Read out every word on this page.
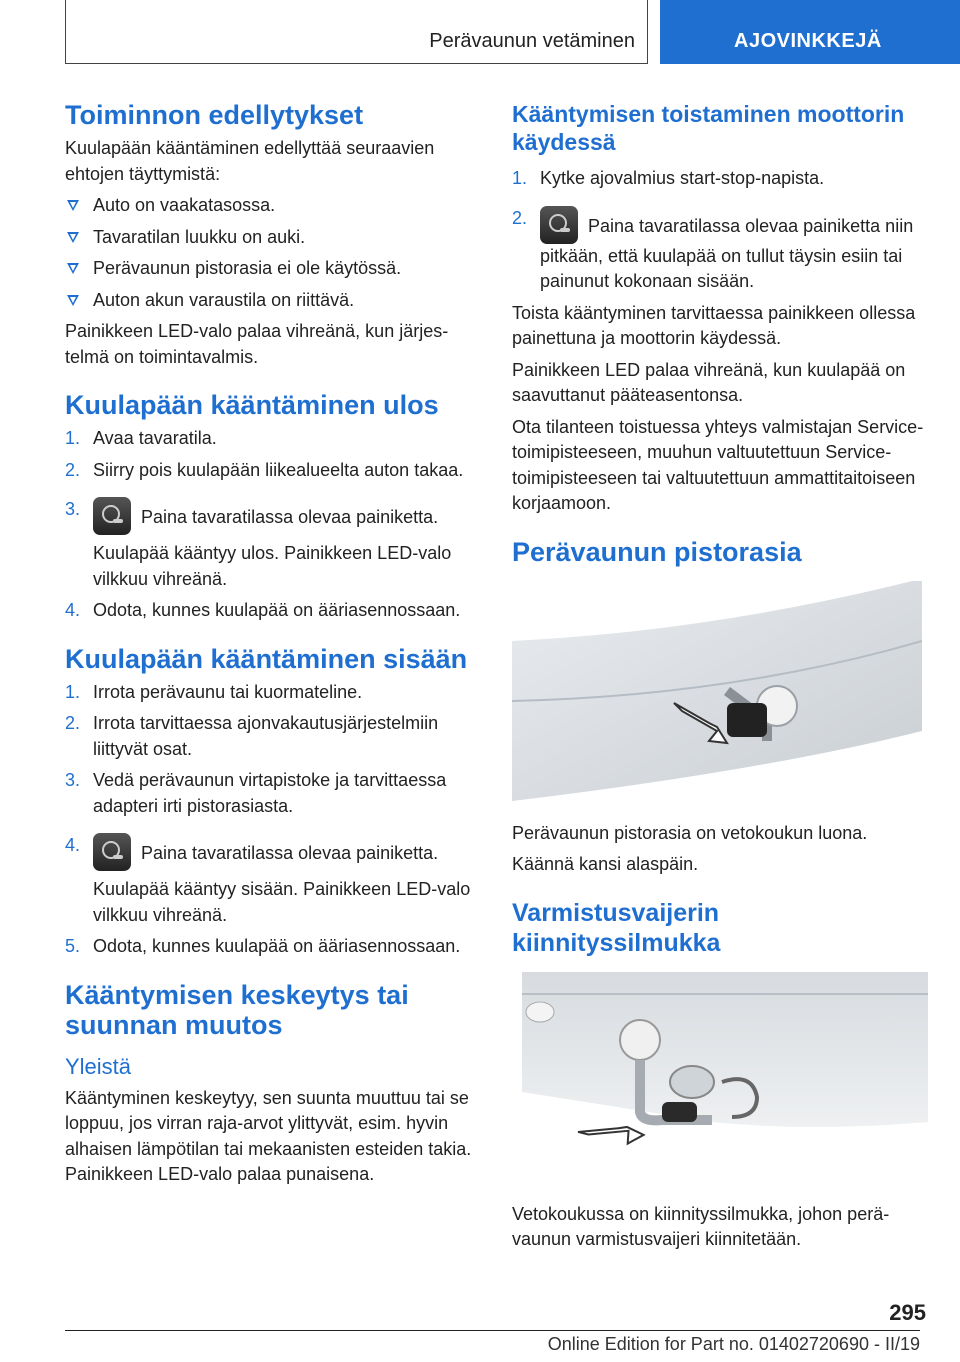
Perävaunun vetäminen	AJOVINKKEJÄ
Toiminnon edellytykset

Kuulapään kääntäminen edellyttää seuraavien ehtojen täyttymistä:

Auto on vaakatasossa.
Tavaratilan luukku on auki.
Perävaunun pistorasia ei ole käytössä.
Auton akun varaustila on riittävä.

Painikkeen LED-valo palaa vihreänä, kun järjestelmä on toimintavalmis.

Kuulapään kääntäminen ulos
1. Avaa tavaratila.
2. Siirry pois kuulapään liikealueelta auton takaa.
3.	Paina tavaratilassa olevaa painiketta.
Kuulapää kääntyy ulos. Painikkeen LED-valo vilkkuu vihreänä.
4. Odota, kunnes kuulapää on ääriasennossaan.
Kuulapään kääntäminen sisään
1. Irrota perävaunu tai kuormateline.
2. Irrota tarvittaessa ajonvakautusjärjestelmiin liittyvät osat.
3. Vedä perävaunun virtapistoke ja tarvittaessa adapteri irti pistorasiasta.
4.	Paina tavaratilassa olevaa painiketta.
Kuulapää kääntyy sisään. Painikkeen LED-valo vilkkuu vihreänä.
5. Odota, kunnes kuulapää on ääriasennossaan.
Kääntymisen keskeytys tai suunnan muutos
Yleistä

Kääntyminen keskeytyy, sen suunta muuttuu tai se loppuu, jos virran raja-arvot ylittyvät, esim. hyvin alhaisen lämpötilan tai mekaanisten esteiden takia. Painikkeen LED-valo palaa punaisena.

Kääntymisen toistaminen moottorin käydessä
1. Kytke ajovalmius start-stop-napista.
2.	Paina tavaratilassa olevaa painiketta niin pitkään, että kuulapää on tullut täysin esiin tai painunut kokonaan sisään.

Toista kääntyminen tarvittaessa painikkeen ollessa painettuna ja moottorin käydessä.

Painikkeen LED palaa vihreänä, kun kuulapää on saavuttanut pääteasentonsa.

Ota tilanteen toistuessa yhteys valmistajan Service-toimipisteeseen, muuhun valtuutettuun Service-toimipisteeseen tai valtuutettuun ammattitaitoiseen korjaamoon.

Perävaunun pistorasia

Perävaunun pistorasia on vetokoukun luona.

Käännä kansi alaspäin.

Varmistusvaijerin kiinnityssilmukka

Vetokoukussa on kiinnityssilmukka, johon perävaunun varmistusvaijeri kiinnitetään.

295
Online Edition for Part no. 01402720690 - II/19
